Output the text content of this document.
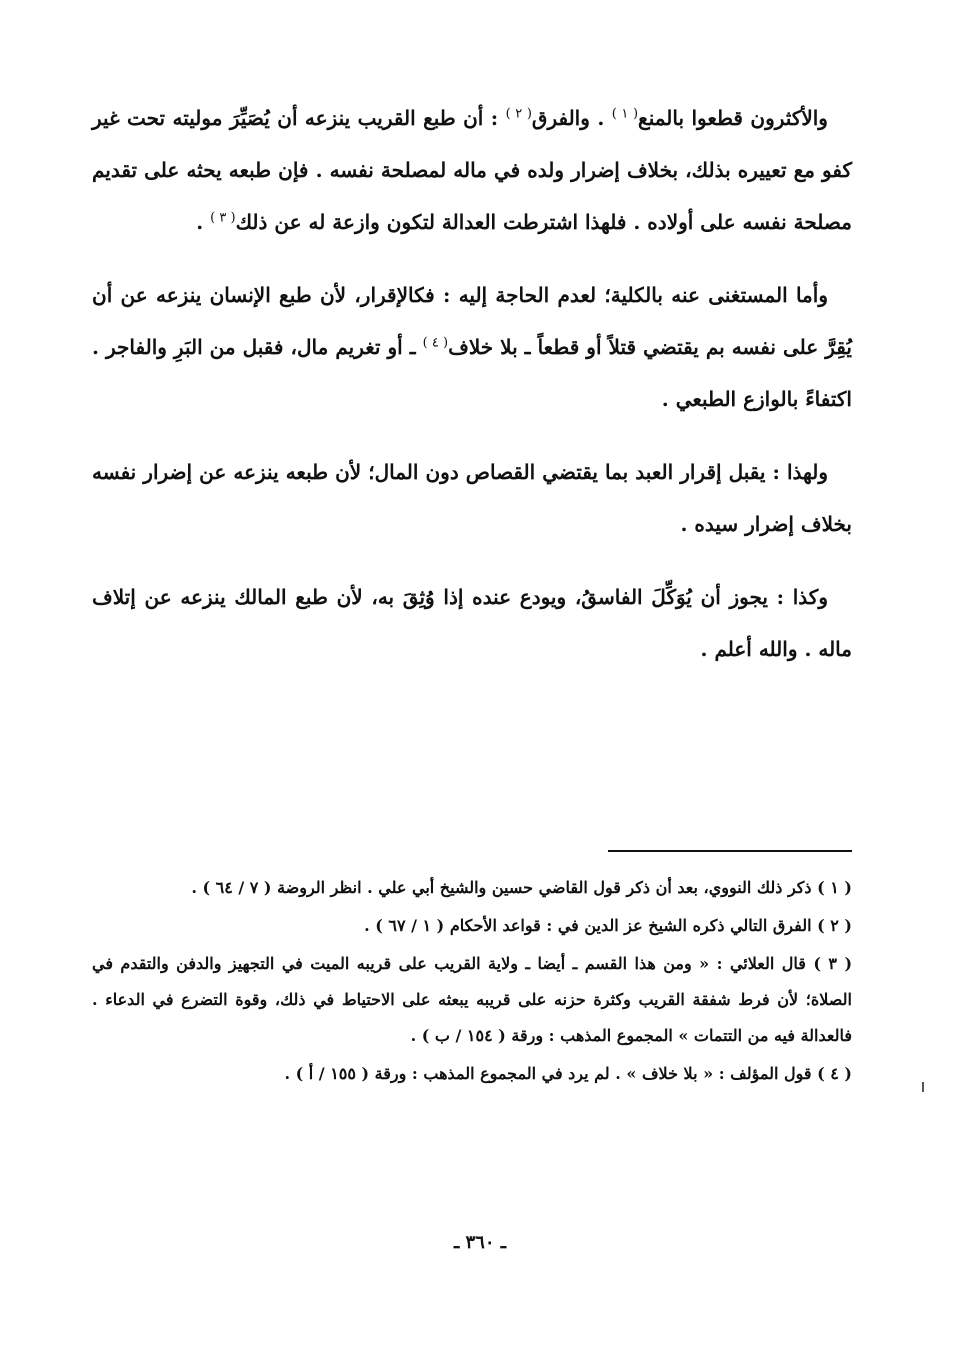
والأكثرون قطعوا بالمنع$^{( ١ )}$ . والفرق$^{( ٢ )}$ : أن طبع القريب ينزعه أن يُصَيِّرَ موليته تحت غير كفو مع تعييره بذلك، بخلاف إضرار ولده في ماله لمصلحة نفسه . فإن طبعه يحثه على تقديم مصلحة نفسه على أولاده . فلهذا اشترطت العدالة لتكون وازعة له عن ذلك$^{( ٣ )}$ .

وأما المستغنى عنه بالكلية؛ لعدم الحاجة إليه : فكالإقرار، لأن طبع الإنسان ينزعه عن أن يُقِرَّ على نفسه بم يقتضي قتلاً أو قطعاً ـ بلا خلاف$^{( ٤ )}$ ـ أو تغريم مال، فقبل من البَرِ والفاجر . اكتفاءً بالوازع الطبعي .

ولهذا : يقبل إقرار العبد بما يقتضي القصاص دون المال؛ لأن طبعه ينزعه عن إضرار نفسه بخلاف إضرار سيده .

وكذا : يجوز أن يُوَكِّلَ الفاسقُ، ويودع عنده إذا وُثِقَ به، لأن طبع المالك ينزعه عن إتلاف ماله . والله أعلم .

( ١ ) ذكر ذلك النووي، بعد أن ذكر قول القاضي حسين والشيخ أبي علي . انظر الروضة ( ٧ / ٦٤ ) .

( ٢ ) الفرق التالي ذكره الشيخ عز الدين في : قواعد الأحكام ( ١ / ٦٧ ) .

( ٣ ) قال العلائي : « ومن هذا القسم ـ أيضا ـ ولاية القريب على قريبه الميت في التجهيز والدفن والتقدم في الصلاة؛ لأن فرط شفقة القريب وكثرة حزنه على قريبه يبعثه على الاحتياط في ذلك، وقوة التضرع في الدعاء . فالعدالة فيه من التتمات » المجموع المذهب : ورقة ( ١٥٤ / ب ) .

( ٤ ) قول المؤلف : « بلا خلاف » . لم يرد في المجموع المذهب : ورقة ( ١٥٥ / أ ) .

ـ ٣٦٠ ـ
